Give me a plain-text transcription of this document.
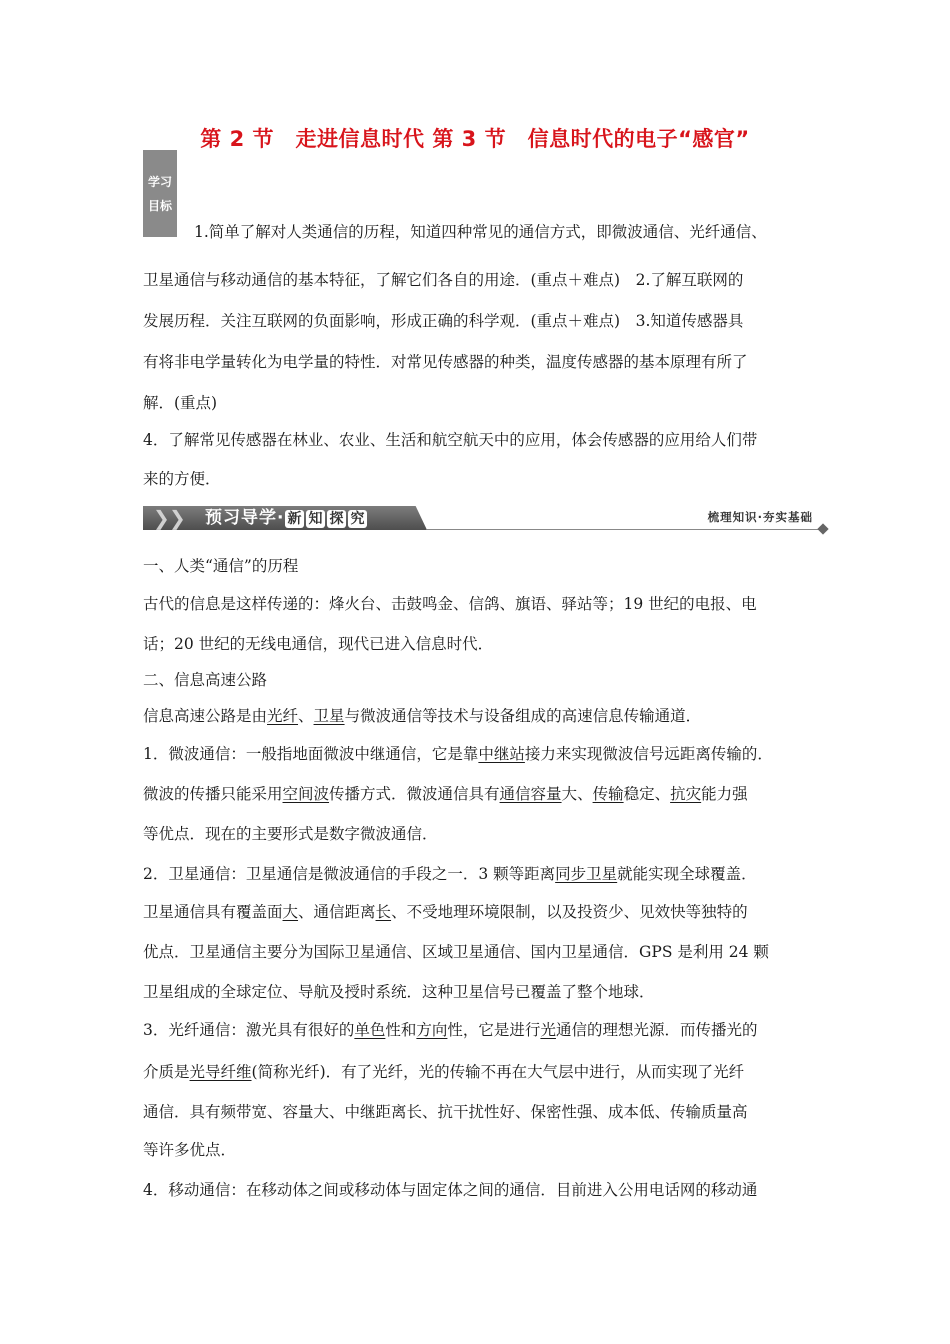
第 2 节　走进信息时代 第 3 节　信息时代的电子“感官”
学习
目标
1.简单了解对人类通信的历程，知道四种常见的通信方式，即微波通信、光纤通信、
卫星通信与移动通信的基本特征，了解它们各自的用途．(重点＋难点)　2.了解互联网的
发展历程．关注互联网的负面影响，形成正确的科学观．(重点＋难点)　3.知道传感器具
有将非电学量转化为电学量的特性．对常见传感器的种类，温度传感器的基本原理有所了
解．(重点)
4．了解常见传感器在林业、农业、生活和航空航天中的应用，体会传感器的应用给人们带
来的方便．
❯ ❯ 预习导学· 新 知 探 究	梳理知识·夯实基础
一、人类“通信”的历程
古代的信息是这样传递的：烽火台、击鼓鸣金、信鸽、旗语、驿站等；19 世纪的电报、电
话；20 世纪的无线电通信，现代已进入信息时代．
二、信息高速公路
信息高速公路是由光纤、卫星与微波通信等技术与设备组成的高速信息传输通道．
1．微波通信：一般指地面微波中继通信，它是靠中继站接力来实现微波信号远距离传输的．
微波的传播只能采用空间波传播方式．微波通信具有通信容量大、传输稳定、抗灾能力强
等优点．现在的主要形式是数字微波通信．
2．卫星通信：卫星通信是微波通信的手段之一．3 颗等距离同步卫星就能实现全球覆盖．
卫星通信具有覆盖面大、通信距离长、不受地理环境限制，以及投资少、见效快等独特的
优点．卫星通信主要分为国际卫星通信、区域卫星通信、国内卫星通信．GPS 是利用 24 颗
卫星组成的全球定位、导航及授时系统．这种卫星信号已覆盖了整个地球．
3．光纤通信：激光具有很好的单色性和方向性，它是进行光通信的理想光源．而传播光的
介质是光导纤维(简称光纤)．有了光纤，光的传输不再在大气层中进行，从而实现了光纤
通信．具有频带宽、容量大、中继距离长、抗干扰性好、保密性强、成本低、传输质量高
等许多优点．
4．移动通信：在移动体之间或移动体与固定体之间的通信．目前进入公用电话网的移动通
